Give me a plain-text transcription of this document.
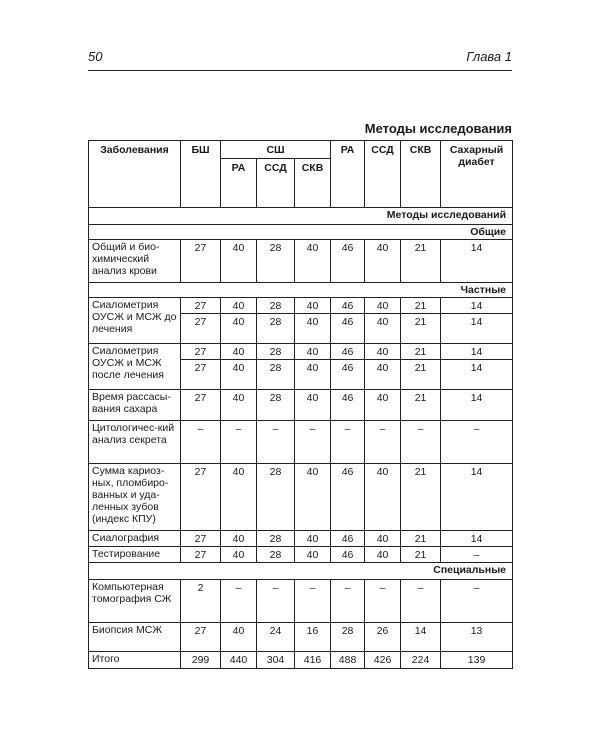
50	Глава 1
Методы исследования
Заболевания	БШ	СШ			РА	ССД	СКВ	Сахарный диабет
		РА	ССД	СКВ				
Методы исследований								
Общие								
Общий и био-химический анализ крови	27	40	28	40	46	40	21	14
Частные								
Сиалометрия ОУСЖ и МСЖ до лечения	27	40	28	40	46	40	21	14
	27	40	28	40	46	40	21	14
Сиалометрия ОУСЖ и МСЖ после лечения	27	40	28	40	46	40	21	14
	27	40	28	40	46	40	21	14
Время рассасы-вания сахара	27	40	28	40	46	40	21	14
Цитологичес-кий анализ секрета	–	–	–	–	–	–	–	–
Сумма кариоз-ных, пломбиро-ванных и уда-ленных зубов (индекс КПУ)	27	40	28	40	46	40	21	14
Сиалография	27	40	28	40	46	40	21	14
Тестирование	27	40	28	40	46	40	21	–
Специальные								
Компьютерная томография СЖ	2	–	–	–	–	–	–	–
Биопсия МСЖ	27	40	24	16	28	26	14	13
Итого	299	440	304	416	488	426	224	139
